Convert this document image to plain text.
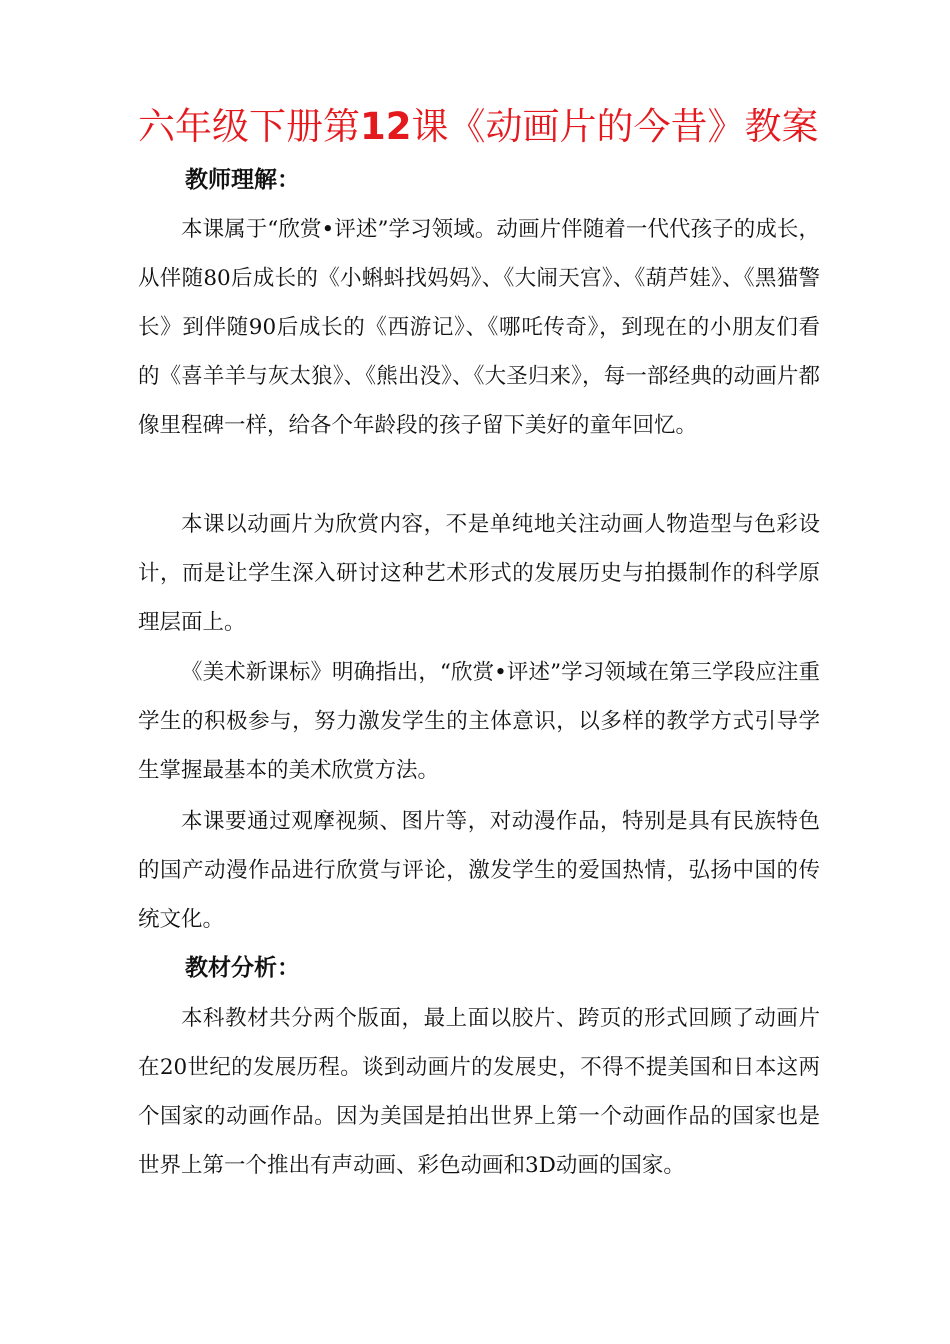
六年级下册第12课《动画片的今昔》教案
教师理解：

本课属于“欣赏•评述”学习领域。动画片伴随着一代代孩子的成长，从伴随80后成长的《小蝌蚪找妈妈》、《大闹天宫》、《葫芦娃》、《黑猫警长》到伴随90后成长的《西游记》、《哪吒传奇》，到现在的小朋友们看的《喜羊羊与灰太狼》、《熊出没》、《大圣归来》，每一部经典的动画片都像里程碑一样，给各个年龄段的孩子留下美好的童年回忆。

本课以动画片为欣赏内容，不是单纯地关注动画人物造型与色彩设计，而是让学生深入研讨这种艺术形式的发展历史与拍摄制作的科学原理层面上。

《美术新课标》明确指出，“欣赏•评述”学习领域在第三学段应注重学生的积极参与，努力激发学生的主体意识，以多样的教学方式引导学生掌握最基本的美术欣赏方法。

本课要通过观摩视频、图片等，对动漫作品，特别是具有民族特色的国产动漫作品进行欣赏与评论，激发学生的爱国热情，弘扬中国的传统文化。

教材分析：

本科教材共分两个版面，最上面以胶片、跨页的形式回顾了动画片在20世纪的发展历程。谈到动画片的发展史，不得不提美国和日本这两个国家的动画作品。因为美国是拍出世界上第一个动画作品的国家也是世界上第一个推出有声动画、彩色动画和3D动画的国家。
